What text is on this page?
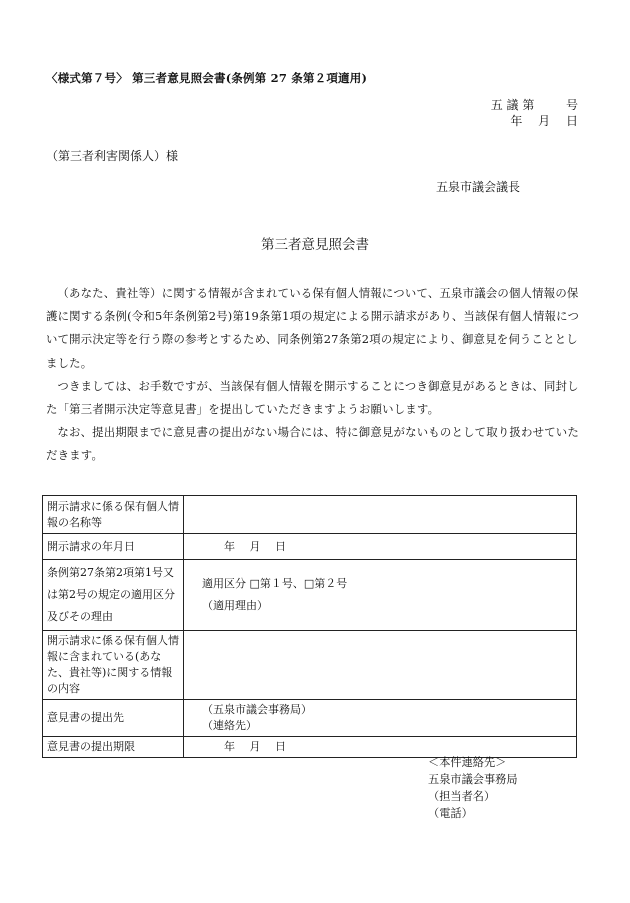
〈様式第７号〉 第三者意見照会書(条例第 27 条第２項適用)
五 議 第 　　 号
年 　月 　日
（第三者利害関係人）様
五泉市議会議長
第三者意見照会書

（あなた、貴社等）に関する情報が含まれている保有個人情報について、五泉市議会の個人情報の保護に関する条例(令和5年条例第2号)第19条第1項の規定による開示請求があり、当該保有個人情報について開示決定等を行う際の参考とするため、同条例第27条第2項の規定により、御意見を伺うこととしました。

つきましては、お手数ですが、当該保有個人情報を開示することにつき御意見があるときは、同封した「第三者開示決定等意見書」を提出していただきますようお願いします。

なお、提出期限までに意見書の提出がない場合には、特に御意見がないものとして取り扱わせていただきます。

開示請求に係る保有個人情報の名称等	
開示請求の年月日	年 　月 　日
条例第27条第2項第1号又は第2号の規定の適用区分及びその理由	適用区分 □第１号、□第２号
（適用理由）

開示請求に係る保有個人情報に含まれている(あなた、貴社等)に関する情報の内容	
意見書の提出先	（五泉市議会事務局）
（連絡先）

意見書の提出期限	年 　月 　日
＜本件連絡先＞
五泉市議会事務局
（担当者名）
（電話）
